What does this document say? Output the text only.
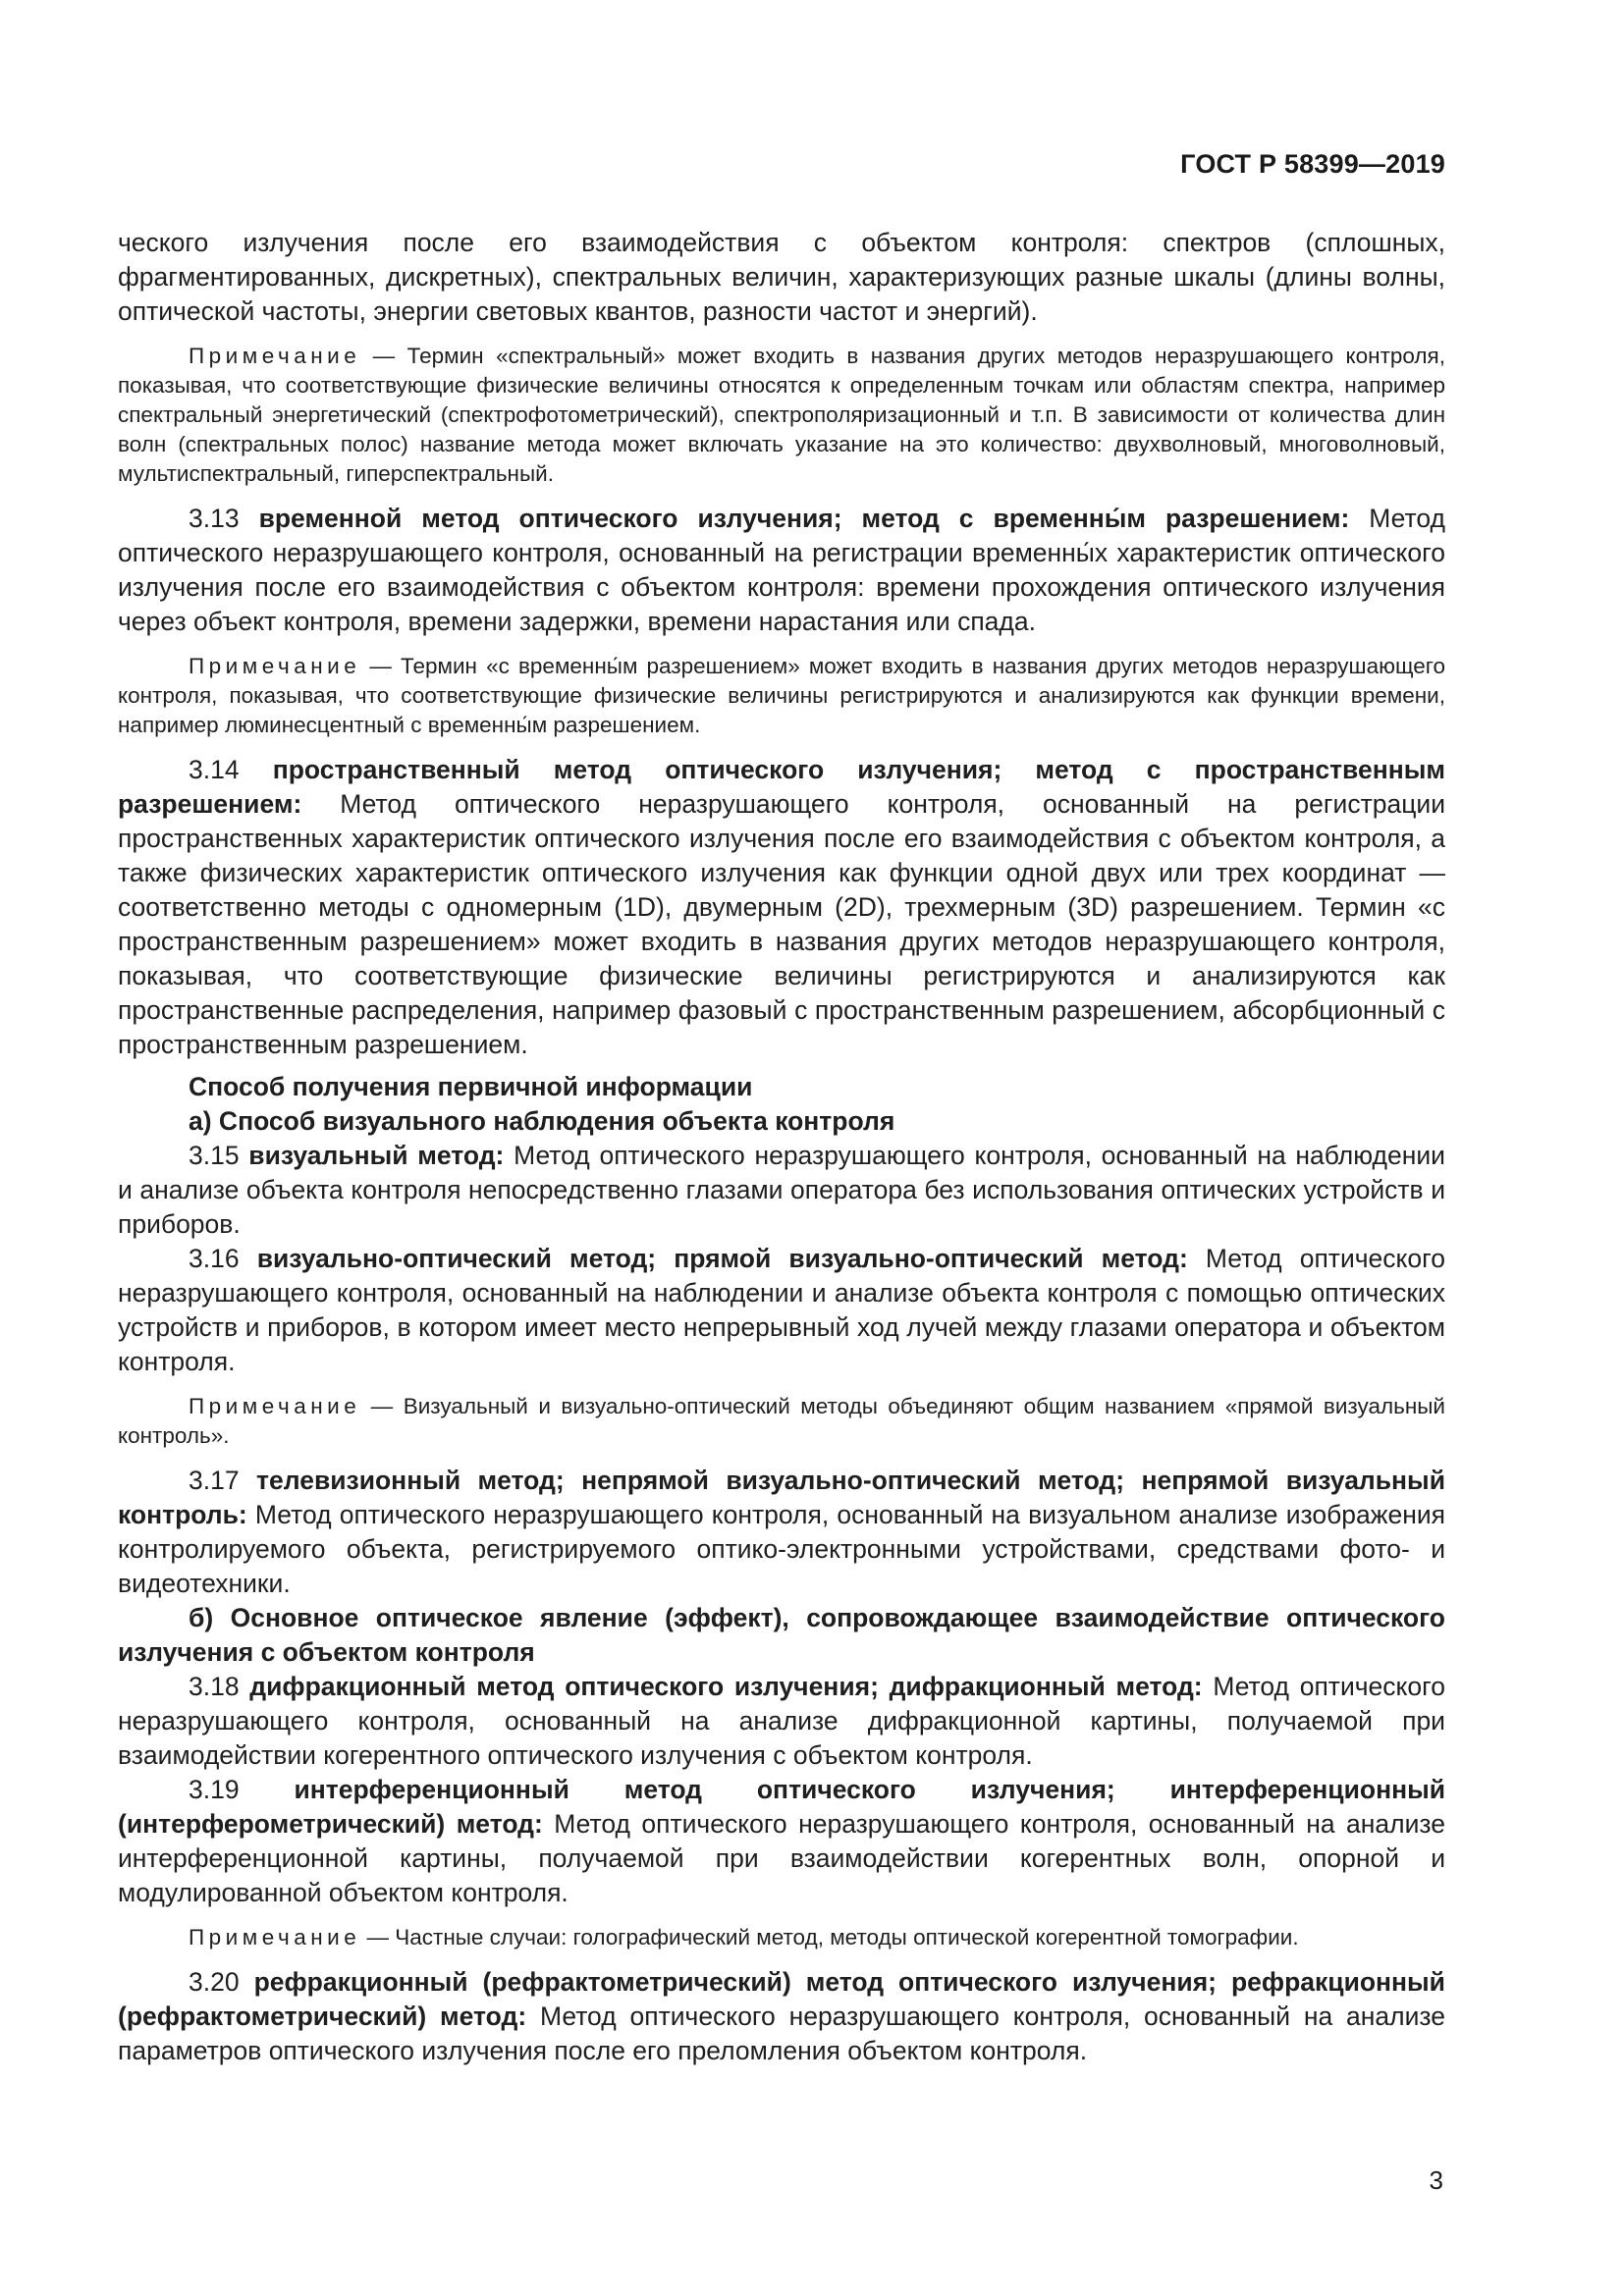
ГОСТ Р 58399—2019

ческого излучения после его взаимодействия с объектом контроля: спектров (сплошных, фрагментированных, дискретных), спектральных величин, характеризующих разные шкалы (длины волны, оптической частоты, энергии световых квантов, разности частот и энергий).

Примечание — Термин «спектральный» может входить в названия других методов неразрушающего контроля, показывая, что соответствующие физические величины относятся к определенным точкам или областям спектра, например спектральный энергетический (спектрофотометрический), спектрополяризационный и т.п. В зависимости от количества длин волн (спектральных полос) название метода может включать указание на это количество: двухволновый, многоволновый, мультиспектральный, гиперспектральный.

3.13 временной метод оптического излучения; метод с временны́м разрешением: Метод оптического неразрушающего контроля, основанный на регистрации временны́х характеристик оптического излучения после его взаимодействия с объектом контроля: времени прохождения оптического излучения через объект контроля, времени задержки, времени нарастания или спада.

Примечание — Термин «с временны́м разрешением» может входить в названия других методов неразрушающего контроля, показывая, что соответствующие физические величины регистрируются и анализируются как функции времени, например люминесцентный с временны́м разрешением.

3.14 пространственный метод оптического излучения; метод с пространственным разрешением: Метод оптического неразрушающего контроля, основанный на регистрации пространственных характеристик оптического излучения после его взаимодействия с объектом контроля, а также физических характеристик оптического излучения как функции одной двух или трех координат — соответственно методы с одномерным (1D), двумерным (2D), трехмерным (3D) разрешением. Термин «с пространственным разрешением» может входить в названия других методов неразрушающего контроля, показывая, что соответствующие физические величины регистрируются и анализируются как пространственные распределения, например фазовый с пространственным разрешением, абсорбционный с пространственным разрешением.

Способ получения первичной информации

а) Способ визуального наблюдения объекта контроля

3.15 визуальный метод: Метод оптического неразрушающего контроля, основанный на наблюдении и анализе объекта контроля непосредственно глазами оператора без использования оптических устройств и приборов.

3.16 визуально-оптический метод; прямой визуально-оптический метод: Метод оптического неразрушающего контроля, основанный на наблюдении и анализе объекта контроля с помощью оптических устройств и приборов, в котором имеет место непрерывный ход лучей между глазами оператора и объектом контроля.

Примечание — Визуальный и визуально-оптический методы объединяют общим названием «прямой визуальный контроль».

3.17 телевизионный метод; непрямой визуально-оптический метод; непрямой визуальный контроль: Метод оптического неразрушающего контроля, основанный на визуальном анализе изображения контролируемого объекта, регистрируемого оптико-электронными устройствами, средствами фото- и видеотехники.

б) Основное оптическое явление (эффект), сопровождающее взаимодействие оптического излучения с объектом контроля

3.18 дифракционный метод оптического излучения; дифракционный метод: Метод оптического неразрушающего контроля, основанный на анализе дифракционной картины, получаемой при взаимодействии когерентного оптического излучения с объектом контроля.

3.19 интерференционный метод оптического излучения; интерференционный (интерферометрический) метод: Метод оптического неразрушающего контроля, основанный на анализе интерференционной картины, получаемой при взаимодействии когерентных волн, опорной и модулированной объектом контроля.

Примечание — Частные случаи: голографический метод, методы оптической когерентной томографии.

3.20 рефракционный (рефрактометрический) метод оптического излучения; рефракционный (рефрактометрический) метод: Метод оптического неразрушающего контроля, основанный на анализе параметров оптического излучения после его преломления объектом контроля.

3
